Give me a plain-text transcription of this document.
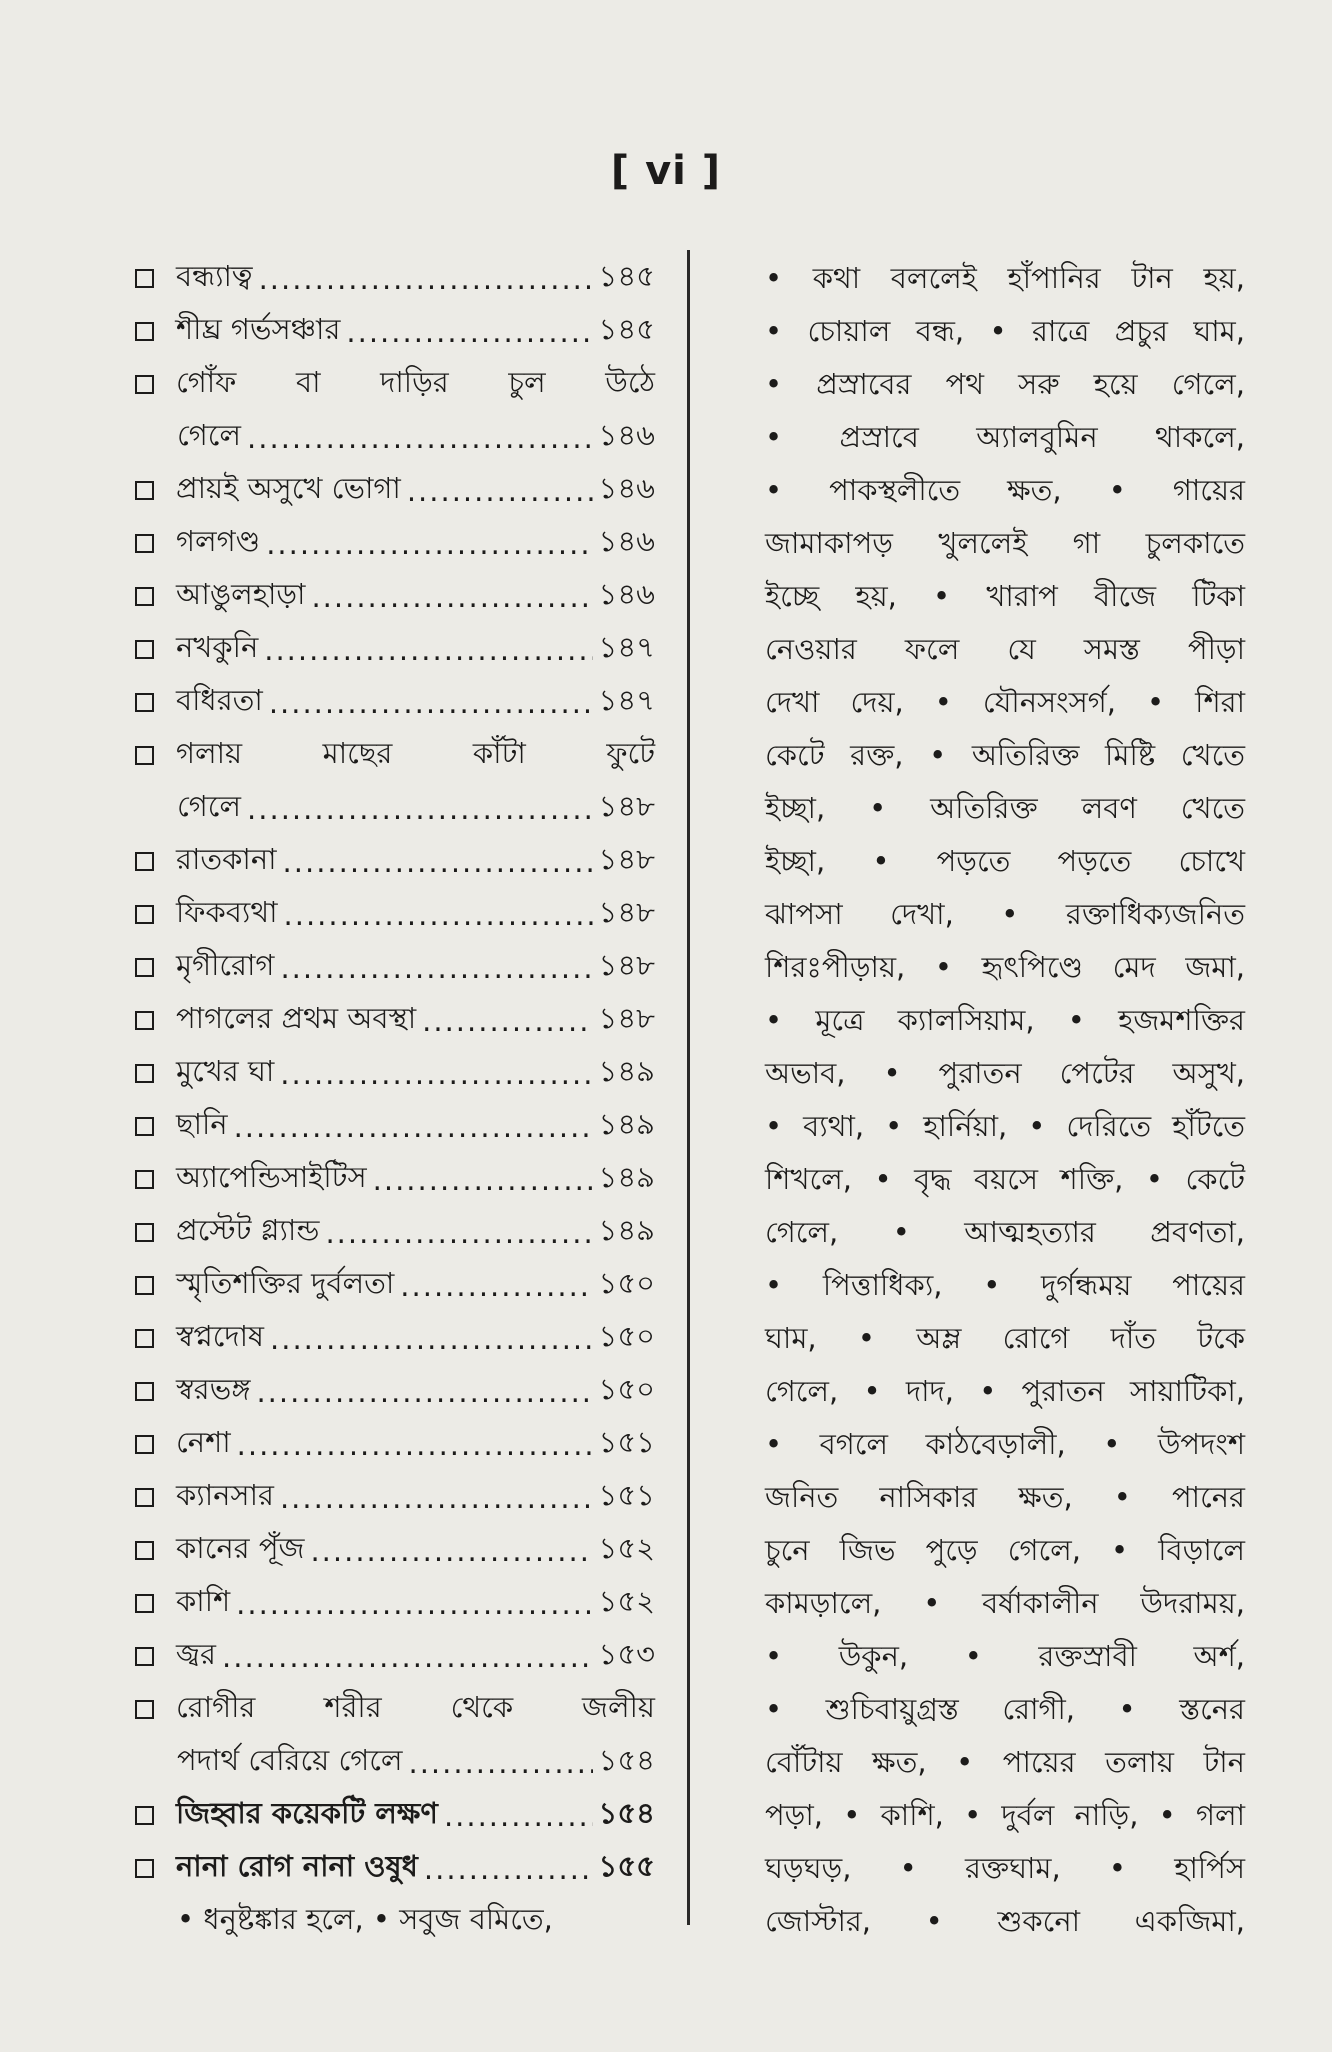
[ vi ]
বন্ধ্যাত্ব .....	১৪৫
শীঘ্র গর্ভসঞ্চার .....	১৪৫
গোঁফ বা দাড়ির চুল উঠে
গেলে .....	১৪৬
প্রায়ই অসুখে ভোগা .....	১৪৬
গলগণ্ড .....	১৪৬
আঙুলহাড়া .....	১৪৬
নখকুনি .....	১৪৭
বধিরতা .....	১৪৭
গলায় মাছের কাঁটা ফুটে
গেলে .....	১৪৮
রাতকানা .....	১৪৮
ফিকব্যথা .....	১৪৮
মৃগীরোগ .....	১৪৮
পাগলের প্রথম অবস্থা .....	১৪৮
মুখের ঘা .....	১৪৯
ছানি .....	১৪৯
অ্যাপেন্ডিসাইটিস .....	১৪৯
প্রস্টেট গ্ল্যান্ড .....	১৪৯
স্মৃতিশক্তির দুর্বলতা .....	১৫০
স্বপ্নদোষ .....	১৫০
স্বরভঙ্গ .....	১৫০
নেশা .....	১৫১
ক্যানসার .....	১৫১
কানের পূঁজ .....	১৫২
কাশি .....	১৫২
জ্বর .....	১৫৩
রোগীর শরীর থেকে জলীয়
পদার্থ বেরিয়ে গেলে .....	১৫৪
জিহ্বার কয়েকটি লক্ষণ .....	১৫৪
নানা রোগ নানা ওষুধ .....	১৫৫
• ধনুষ্টঙ্কার হলে, • সবুজ বমিতে,
• কথা বললেই হাঁপানির টান হয়,
• চোয়াল বন্ধ, • রাত্রে প্রচুর ঘাম,
• প্রস্রাবের পথ সরু হয়ে গেলে,
• প্রস্রাবে অ্যালবুমিন থাকলে,
• পাকস্থলীতে ক্ষত, • গায়ের
জামাকাপড় খুললেই গা চুলকাতে
ইচ্ছে হয়, • খারাপ বীজে টিকা
নেওয়ার ফলে যে সমস্ত পীড়া
দেখা দেয়, • যৌনসংসর্গ, • শিরা
কেটে রক্ত, • অতিরিক্ত মিষ্টি খেতে
ইচ্ছা, • অতিরিক্ত লবণ খেতে
ইচ্ছা, • পড়তে পড়তে চোখে
ঝাপসা দেখা, • রক্তাধিক্যজনিত
শিরঃপীড়ায়, • হৃৎপিণ্ডে মেদ জমা,
• মূত্রে ক্যালসিয়াম, • হজমশক্তির
অভাব, • পুরাতন পেটের অসুখ,
• ব্যথা, • হার্নিয়া, • দেরিতে হাঁটতে
শিখলে, • বৃদ্ধ বয়সে শক্তি, • কেটে
গেলে, • আত্মহত্যার প্রবণতা,
• পিত্তাধিক্য, • দুর্গন্ধময় পায়ের
ঘাম, • অম্ল রোগে দাঁত টকে
গেলে, • দাদ, • পুরাতন সায়াটিকা,
• বগলে কাঠবেড়ালী, • উপদংশ
জনিত নাসিকার ক্ষত, • পানের
চুনে জিভ পুড়ে গেলে, • বিড়ালে
কামড়ালে, • বর্ষাকালীন উদরাময়,
• উকুন, • রক্তস্রাবী অর্শ,
• শুচিবায়ুগ্রস্ত রোগী, • স্তনের
বোঁটায় ক্ষত, • পায়ের তলায় টান
পড়া, • কাশি, • দুর্বল নাড়ি, • গলা
ঘড়ঘড়, • রক্তঘাম, • হার্পিস
জোস্টার, • শুকনো একজিমা,
